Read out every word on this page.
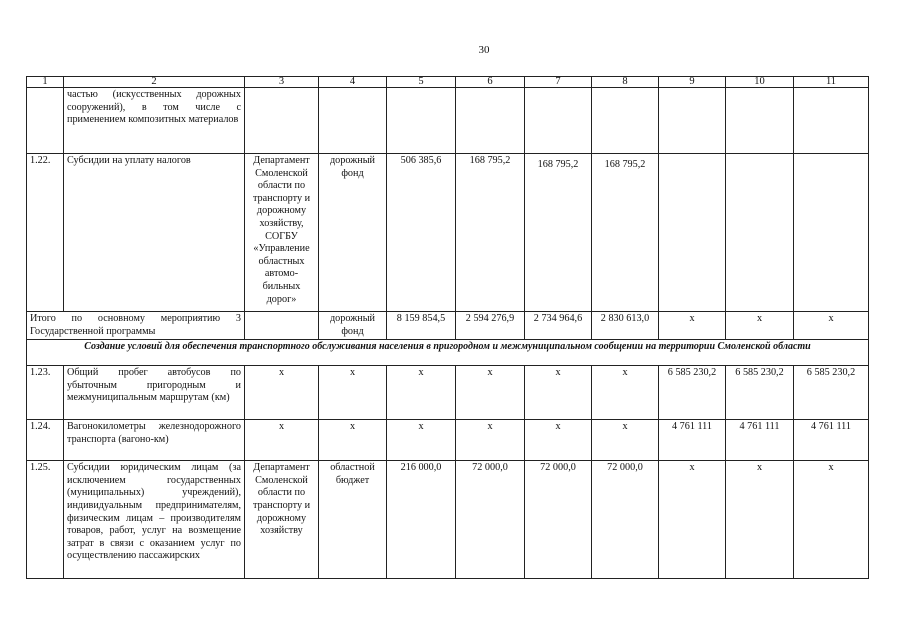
30
1	2	3	4	5	6	7	8	9	10	11
	частью (искусственных дорожных сооружений), в том числе с применением композитных материалов									
1.22.	Субсидии на уплату налогов	Департамент Смоленской области по транспорту и дорожному хозяйству, СОГБУ «Управление областных автомо-бильных дорог»	дорожный фонд	506 385,6	168 795,2	168 795,2	168 795,2			
Итого по основному мероприятию 3 Государственной программы			дорожный фонд	8 159 854,5	2 594 276,9	2 734 964,6	2 830 613,0	х	х	х
Создание условий для обеспечения транспортного обслуживания населения в пригородном и межмуниципальном сообщении на территории Смоленской области										
1.23.	Общий пробег автобусов по убыточным пригородным и межмуниципальным маршрутам (км)	х	х	х	х	х	х	6 585 230,2	6 585 230,2	6 585 230,2
1.24.	Вагонокилометры железнодорожного транспорта (вагоно-км)	х	х	х	х	х	х	4 761 111	4 761 111	4 761 111
1.25.	Субсидии юридическим лицам (за исключением государственных (муниципальных) учреждений), индивидуальным предпринимателям, физическим лицам – производителям товаров, работ, услуг на возмещение затрат в связи с оказанием услуг по осуществлению пассажирских	Департамент Смоленской области по транспорту и дорожному хозяйству	областной бюджет	216 000,0	72 000,0	72 000,0	72 000,0	х	х	х
